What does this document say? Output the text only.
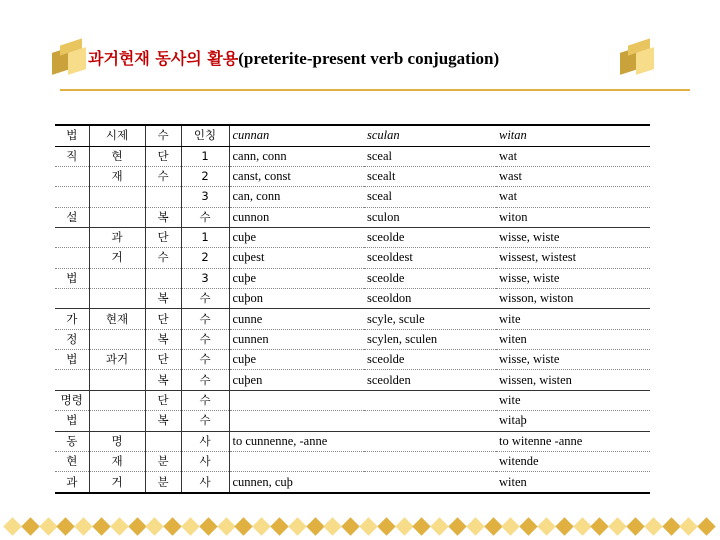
과거현재 동사의 활용(preterite-present verb conjugation)
법	시제	수	인칭	cunnan	sculan	witan
직	현	단	1	cann, conn	sceal	wat
	재	수	2	canst, const	scealt	wast
			3	can, conn	sceal	wat
설		복	수	cunnon	sculon	witon
	과	단	1	cuþe	sceolde	wisse, wiste
	거	수	2	cuþest	sceoldest	wissest, wistest
법			3	cuþe	sceolde	wisse, wiste
		복	수	cuþon	sceoldon	wisson, wiston
가	현재	단	수	cunne	scyle, scule	wite
정		복	수	cunnen	scylen, sculen	witen
법	과거	단	수	cuþe	sceolde	wisse, wiste
		복	수	cuþen	sceolden	wissen, wisten
명령		단	수			wite
법		복	수			witaþ
동	명		사	to cunnenne, -anne		to witenne -anne
현	재	분	사			witende
과	거	분	사	cunnen, cuþ		witen
